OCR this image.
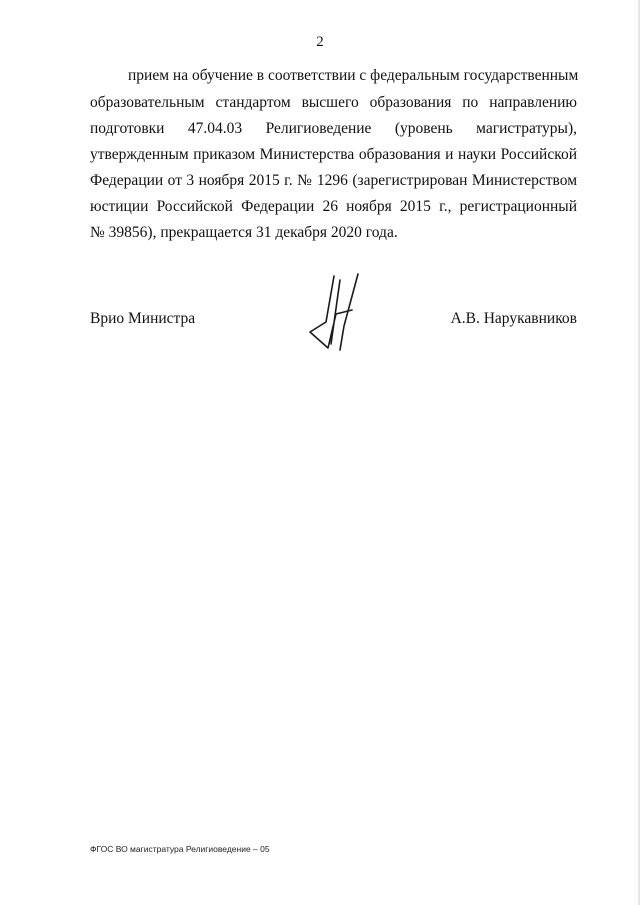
2
прием на обучение в соответствии с федеральным государственным
образовательным стандартом высшего образования по направлению
подготовки 47.04.03 Религиоведение (уровень магистратуры),
утвержденным приказом Министерства образования и науки Российской
Федерации от 3 ноября 2015 г. № 1296 (зарегистрирован Министерством
юстиции Российской Федерации 26 ноября 2015 г., регистрационный
№ 39856), прекращается 31 декабря 2020 года.
Врио Министра	А.В. Нарукавников
ФГОС ВО магистратура Религиоведение – 05
